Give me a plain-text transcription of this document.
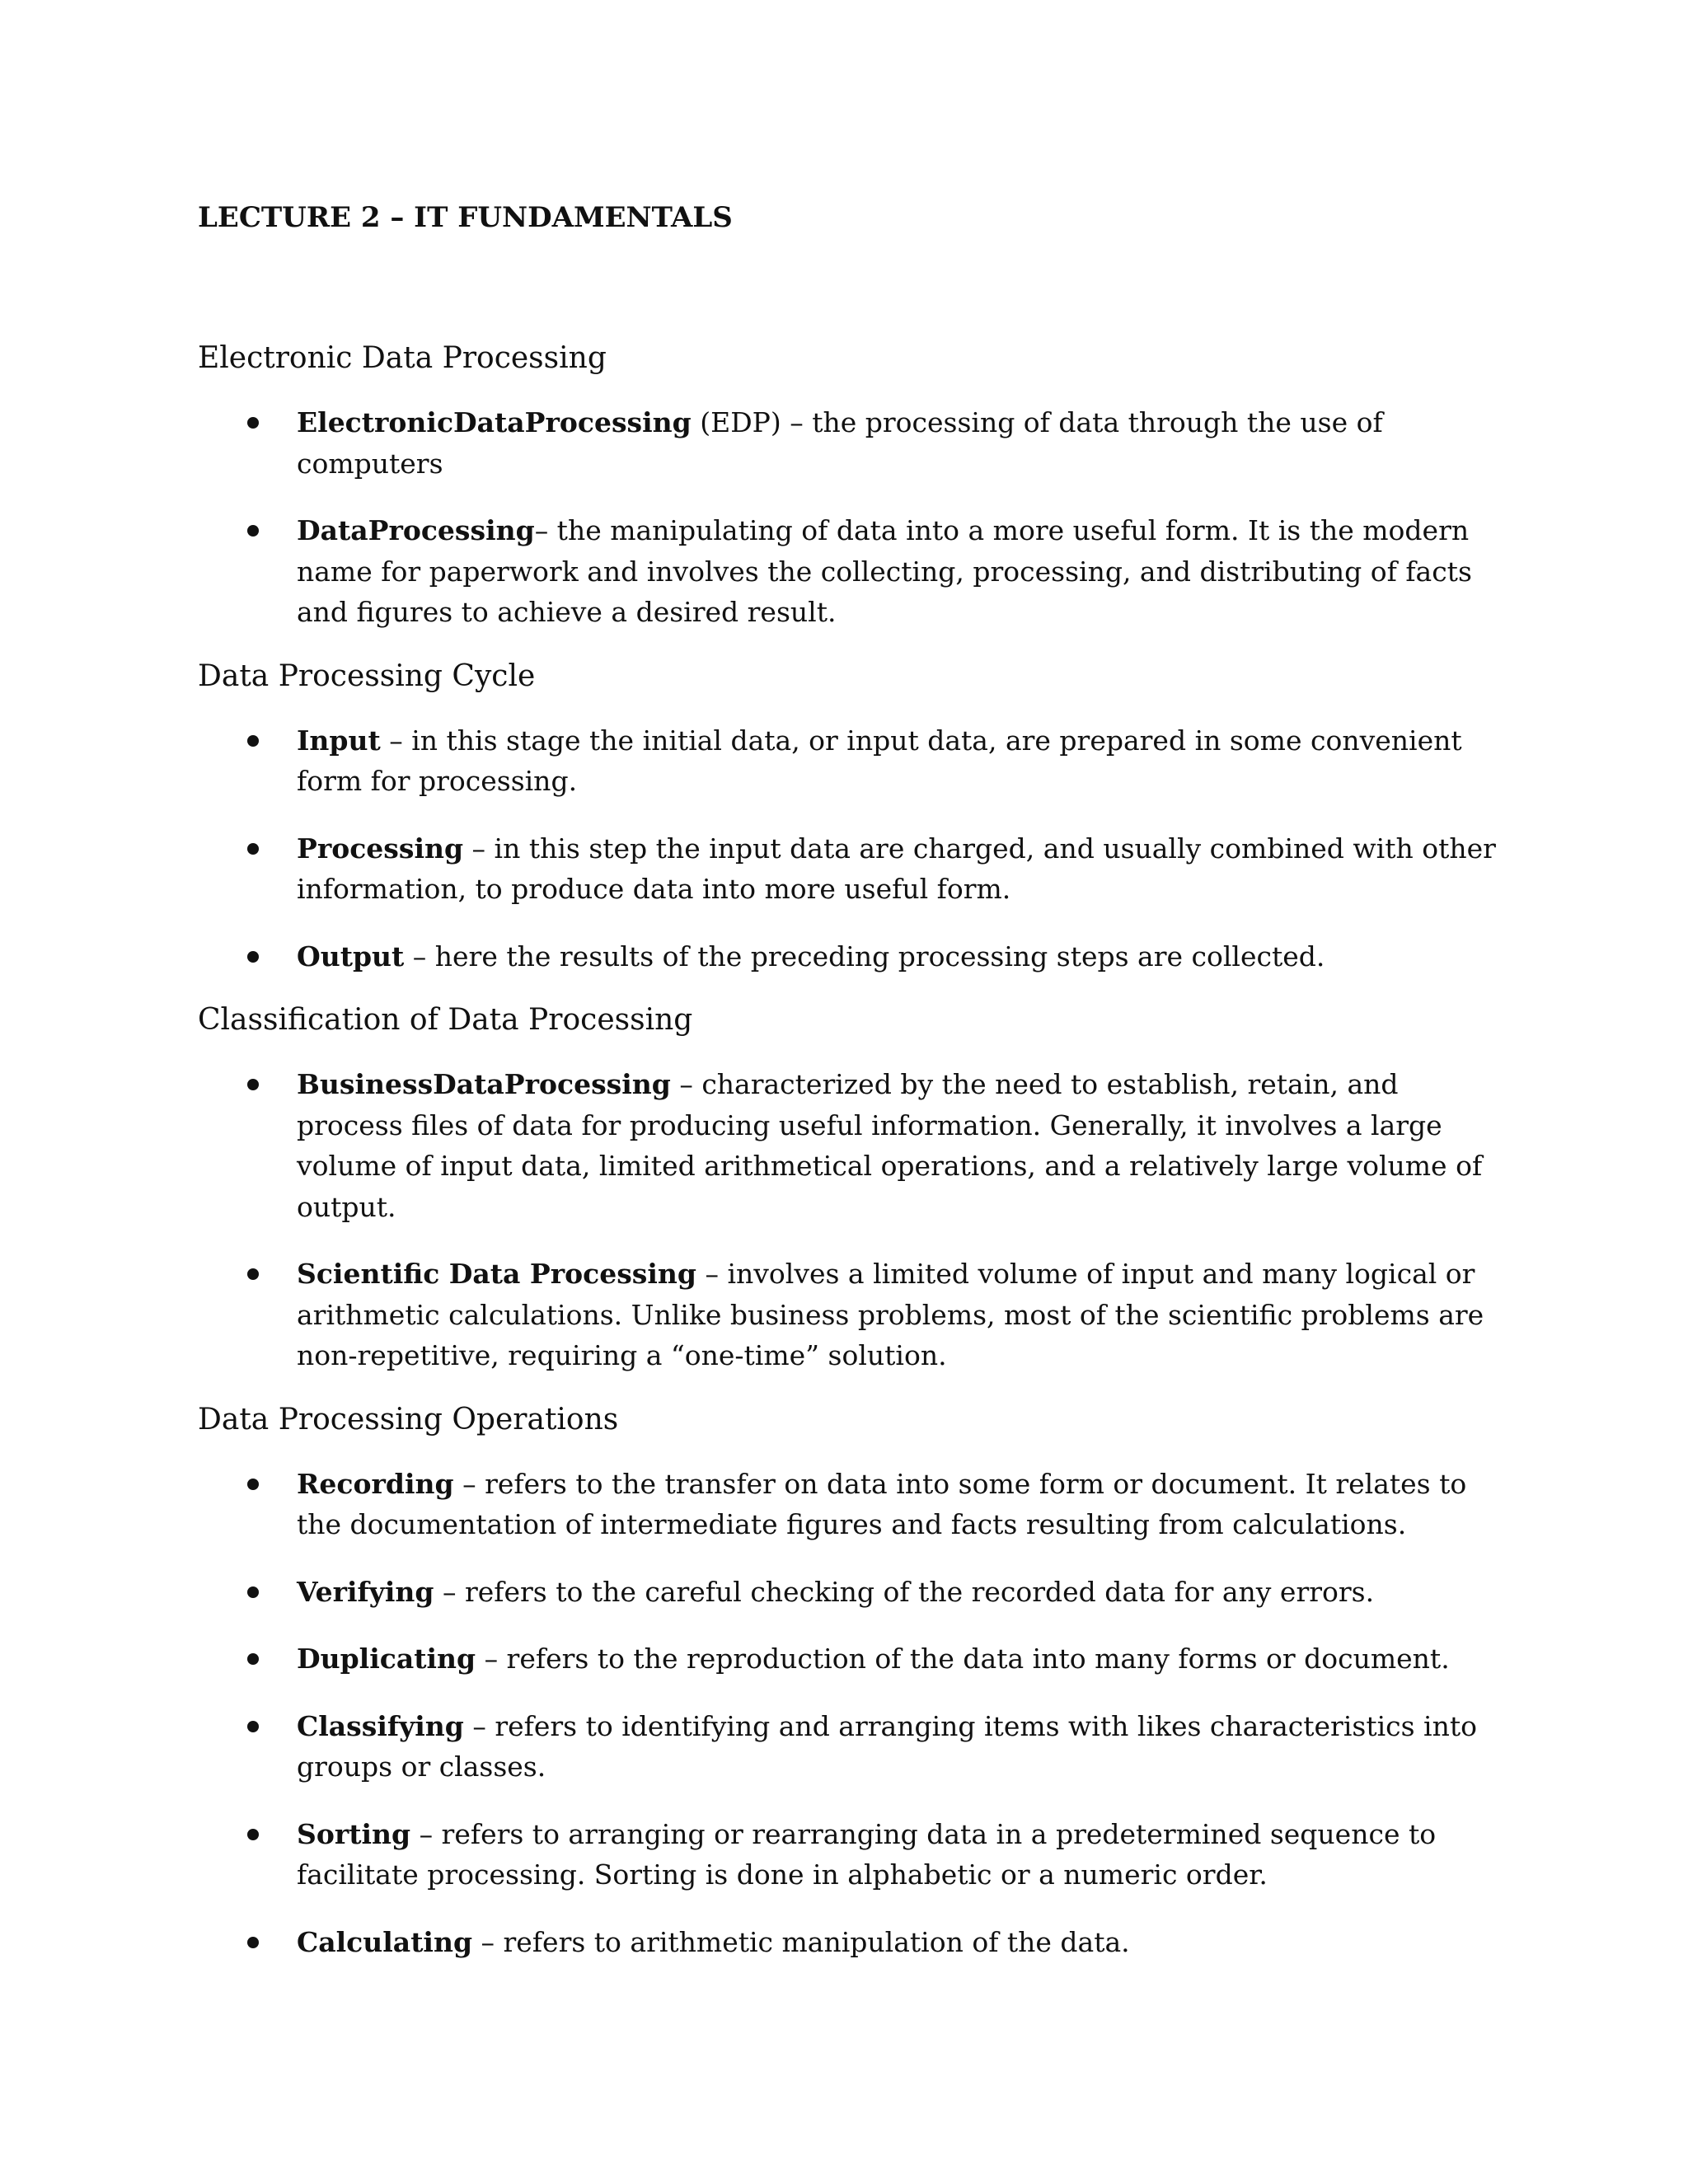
LECTURE 2 – IT FUNDAMENTALS
Electronic Data Processing
ElectronicDataProcessing (EDP) – the processing of data through the use of computers
DataProcessing– the manipulating of data into a more useful form. It is the modern name for paperwork and involves the collecting, processing, and distributing of facts and figures to achieve a desired result.
Data Processing Cycle
Input – in this stage the initial data, or input data, are prepared in some convenient form for processing.
Processing – in this step the input data are charged, and usually combined with other information, to produce data into more useful form.
Output – here the results of the preceding processing steps are collected.
Classification of Data Processing
BusinessDataProcessing – characterized by the need to establish, retain, and process files of data for producing useful information. Generally, it involves a large volume of input data, limited arithmetical operations, and a relatively large volume of output.
Scientific Data Processing – involves a limited volume of input and many logical or arithmetic calculations. Unlike business problems, most of the scientific problems are non-repetitive, requiring a “one-time” solution.
Data Processing Operations
Recording – refers to the transfer on data into some form or document. It relates to the documentation of intermediate figures and facts resulting from calculations.
Verifying – refers to the careful checking of the recorded data for any errors.
Duplicating – refers to the reproduction of the data into many forms or document.
Classifying – refers to identifying and arranging items with likes characteristics into groups or classes.
Sorting – refers to arranging or rearranging data in a predetermined sequence to facilitate processing. Sorting is done in alphabetic or a numeric order.
Calculating – refers to arithmetic manipulation of the data.
